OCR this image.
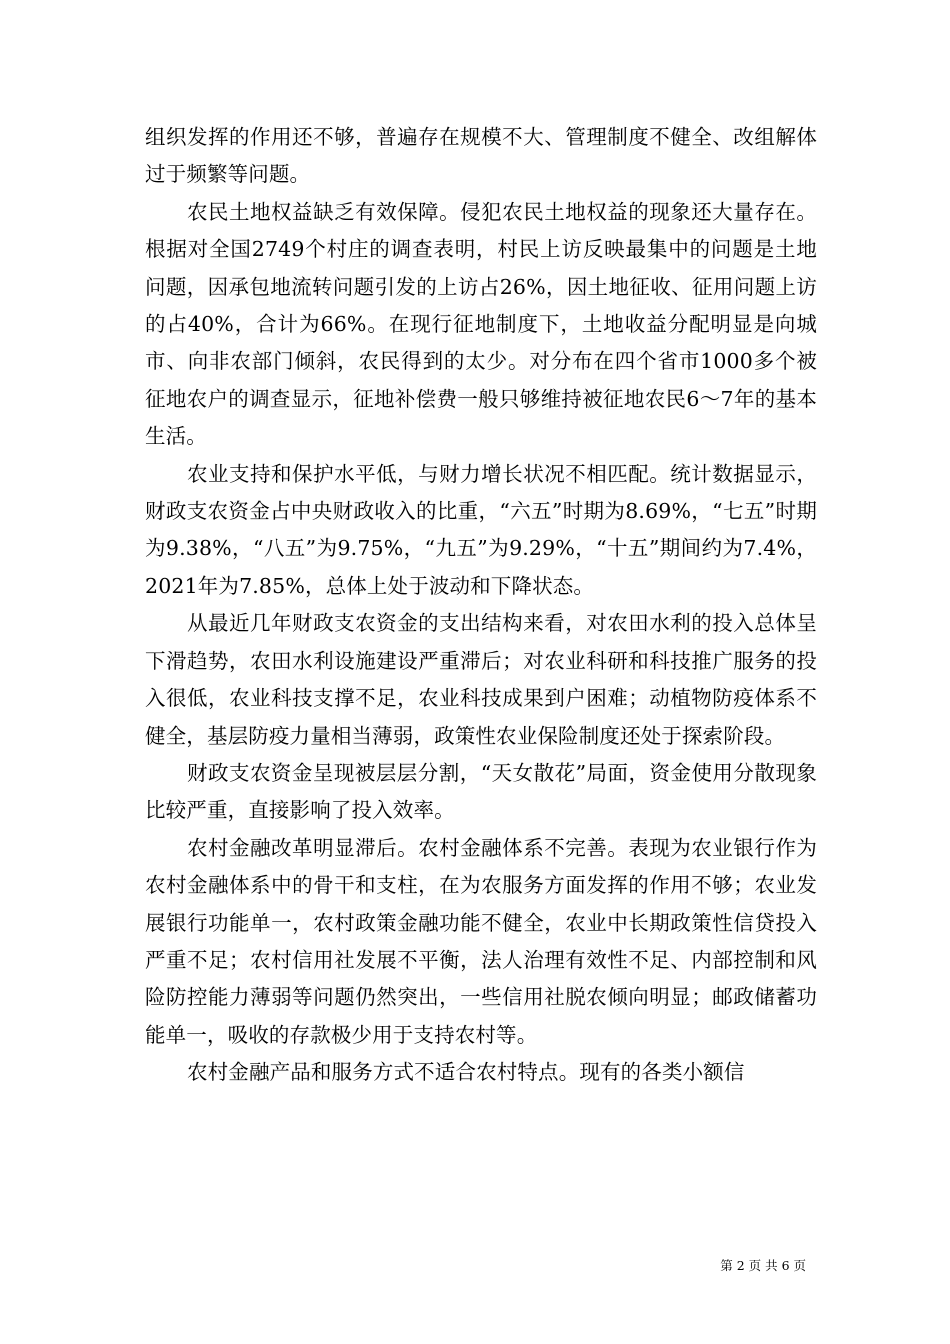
组织发挥的作用还不够，普遍存在规模不大、管理制度不健全、改组解体过于频繁等问题。

农民土地权益缺乏有效保障。侵犯农民土地权益的现象还大量存在。根据对全国2749个村庄的调查表明，村民上访反映最集中的问题是土地问题，因承包地流转问题引发的上访占26%，因土地征收、征用问题上访的占40%，合计为66%。在现行征地制度下，土地收益分配明显是向城市、向非农部门倾斜，农民得到的太少。对分布在四个省市1000多个被征地农户的调查显示，征地补偿费一般只够维持被征地农民6～7年的基本生活。

农业支持和保护水平低，与财力增长状况不相匹配。统计数据显示，财政支农资金占中央财政收入的比重，“六五”时期为8.69%，“七五”时期为9.38%，“八五”为9.75%，“九五”为9.29%，“十五”期间约为7.4%，2021年为7.85%，总体上处于波动和下降状态。

从最近几年财政支农资金的支出结构来看，对农田水利的投入总体呈下滑趋势，农田水利设施建设严重滞后；对农业科研和科技推广服务的投入很低，农业科技支撑不足，农业科技成果到户困难；动植物防疫体系不健全，基层防疫力量相当薄弱，政策性农业保险制度还处于探索阶段。

财政支农资金呈现被层层分割，“天女散花”局面，资金使用分散现象比较严重，直接影响了投入效率。

农村金融改革明显滞后。农村金融体系不完善。表现为农业银行作为农村金融体系中的骨干和支柱，在为农服务方面发挥的作用不够；农业发展银行功能单一，农村政策金融功能不健全，农业中长期政策性信贷投入严重不足；农村信用社发展不平衡，法人治理有效性不足、内部控制和风险防控能力薄弱等问题仍然突出，一些信用社脱农倾向明显；邮政储蓄功能单一，吸收的存款极少用于支持农村等。

农村金融产品和服务方式不适合农村特点。现有的各类小额信

第 2 页 共 6 页
